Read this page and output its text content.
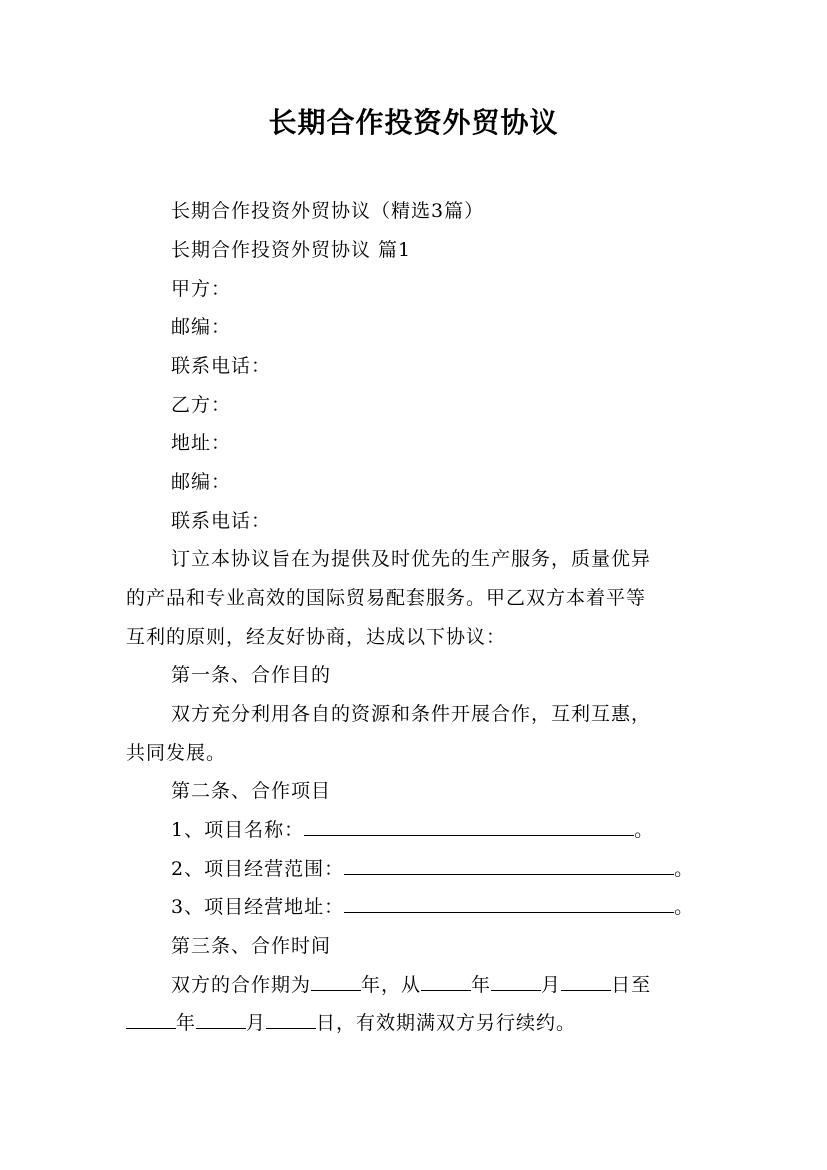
长期合作投资外贸协议
长期合作投资外贸协议（精选3篇）
长期合作投资外贸协议 篇1
甲方：
邮编：
联系电话：
乙方：
地址：
邮编：
联系电话：
订立本协议旨在为提供及时优先的生产服务，质量优异
的产品和专业高效的国际贸易配套服务。甲乙双方本着平等
互利的原则，经友好协商，达成以下协议：
第一条、合作目的
双方充分利用各自的资源和条件开展合作，互利互惠，
共同发展。
第二条、合作项目
1、项目名称：	。
2、项目经营范围：	。
3、项目经营地址：	。
第三条、合作时间
双方的合作期为	年，从	年	月	日至
年	月	日，有效期满双方另行续约。
